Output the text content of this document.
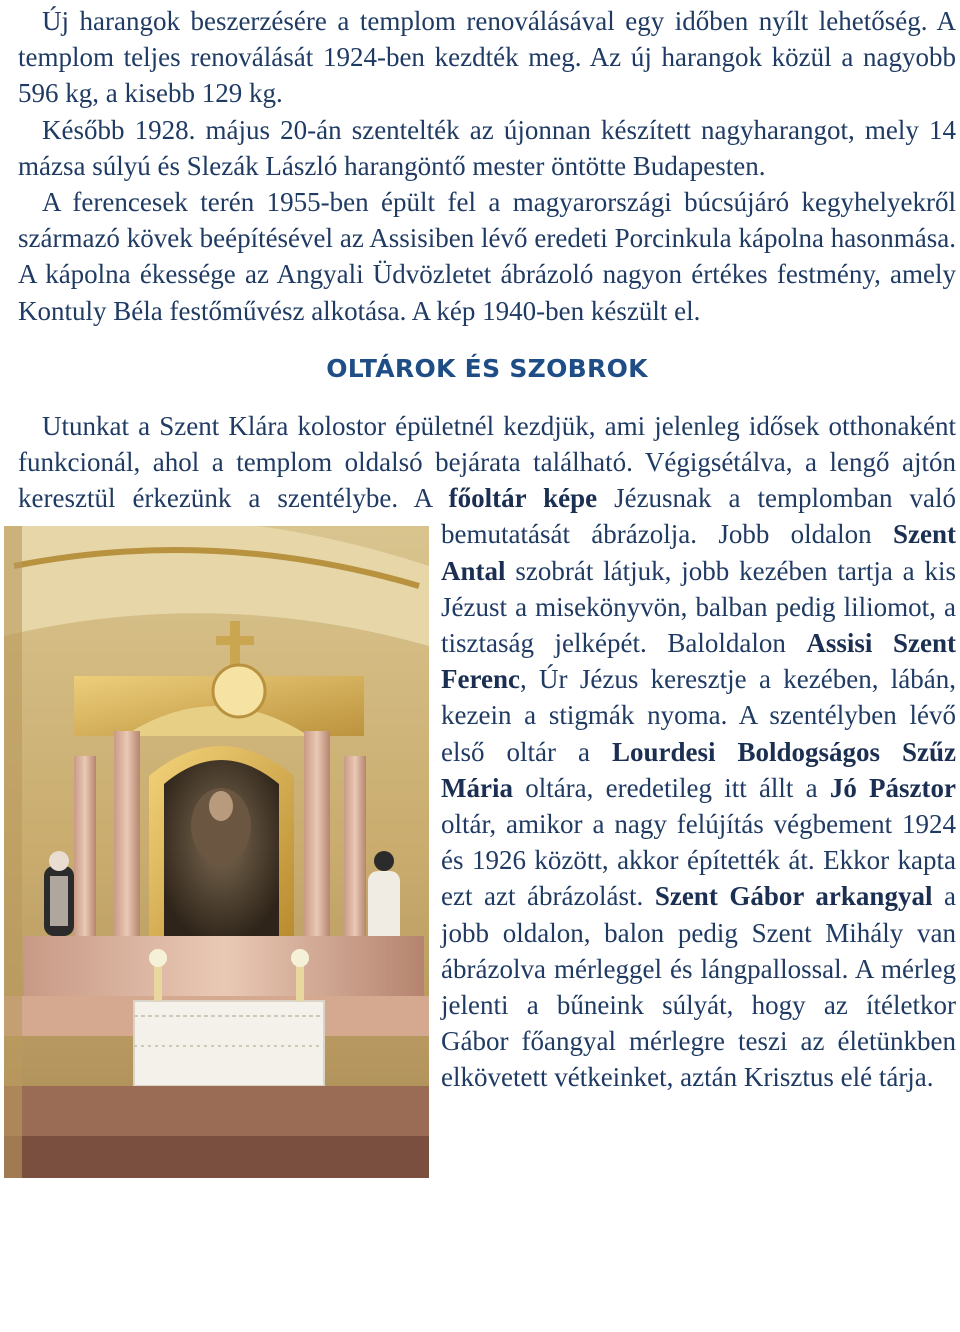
Új harangok beszerzésére a templom renoválásával egy időben nyílt lehetőség. A templom teljes renoválását 1924-ben kezdték meg. Az új harangok közül a nagyobb 596 kg, a kisebb 129 kg.

Később 1928. május 20-án szentelték az újonnan készített nagyharangot, mely 14 mázsa súlyú és Slezák László harangöntő mester öntötte Budapesten.

A ferencesek terén 1955-ben épült fel a magyarországi búcsújáró kegyhelyekről származó kövek beépítésével az Assisiben lévő eredeti Porcinkula kápolna hasonmása. A kápolna ékessége az Angyali Üdvözletet ábrázoló nagyon értékes festmény, amely Kontuly Béla festőművész alkotása. A kép 1940-ben készült el.

OLTÁROK ÉS SZOBROK

Utunkat a Szent Klára kolostor épületnél kezdjük, ami jelenleg idősek otthonaként funkcionál, ahol a templom oldalsó bejárata található. Végigsétálva, a lengő ajtón keresztül érkezünk a szentélybe. A főoltár képe Jézusnak a templomban való bemutatását ábrázolja. Jobb oldalon
Szent Antal szobrát látjuk, jobb kezében tartja a kis Jézust a misekönyvön, balban pedig liliomot, a tisztaság jelképét. Baloldalon Assisi Szent Ferenc, Úr Jézus keresztje a kezében, lábán, kezein a stigmák nyoma. A szentélyben lévő első oltár a Lourdesi Boldogságos Szűz Mária oltára, eredetileg itt állt a Jó Pásztor oltár, amikor a nagy felújítás végbement 1924 és 1926 között, akkor építették át. Ekkor kapta ezt azt ábrázolást. Szent Gábor arkangyal a jobb oldalon, balon pedig Szent Mihály van ábrázolva mérleggel és lángpallossal. A mérleg jelenti a bűneink súlyát, hogy az ítéletkor Gábor főangyal mérlegre teszi az életünkben elkövetett vétkeinket, aztán Krisztus elé tárja.
